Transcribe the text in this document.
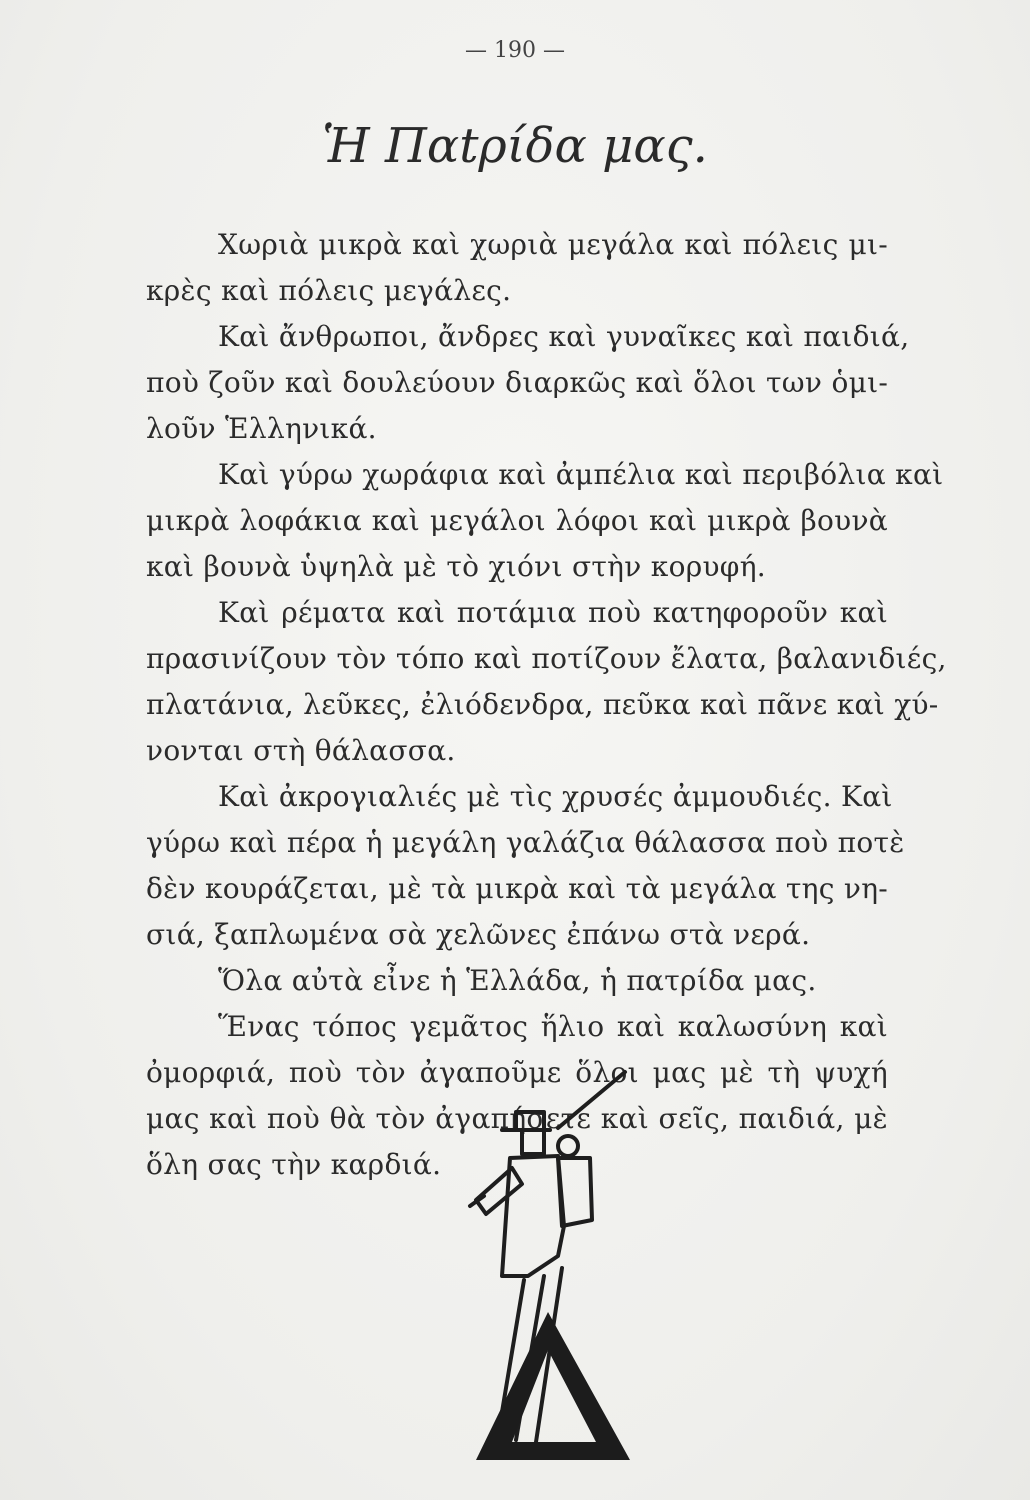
— 190 —
Ἡ Παtρίδα μας.
Χωριὰ μικρὰ καὶ χωριὰ μεγάλα καὶ πόλεις μι-
κρὲς καὶ πόλεις μεγάλες.
Καὶ ἄνθρωποι, ἄνδρες καὶ γυναῖκες καὶ παιδιά,
ποὺ ζοῦν καὶ δουλεύουν διαρκῶς καὶ ὅλοι των ὁμι-
λοῦν Ἑλληνικά.
Καὶ γύρω χωράφια καὶ ἀμπέλια καὶ περιβόλια καὶ
μικρὰ λοφάκια καὶ μεγάλοι λόφοι καὶ μικρὰ βουνὰ
καὶ βουνὰ ὑψηλὰ μὲ τὸ χιόνι στὴν κορυφή.
Καὶ ρέματα καὶ ποτάμια ποὺ κατηφοροῦν καὶ
πρασινίζουν τὸν τόπο καὶ ποτίζουν ἔλατα, βαλανιδιές,
πλατάνια, λεῦκες, ἐλιόδενδρα, πεῦκα καὶ πᾶνε καὶ χύ-
νονται στὴ θάλασσα.
Καὶ ἀκρογιαλιές μὲ τὶς χρυσές ἀμμουδιές. Καὶ
γύρω καὶ πέρα ἡ μεγάλη γαλάζια θάλασσα ποὺ ποτὲ
δὲν κουράζεται, μὲ τὰ μικρὰ καὶ τὰ μεγάλα της νη-
σιά, ξαπλωμένα σὰ χελῶνες ἐπάνω στὰ νερά.
Ὅλα αὐτὰ εἶνε ἡ Ἑλλάδα, ἡ πατρίδα μας.
Ἕνας τόπος γεμᾶτος ἥλιο καὶ καλωσύνη καὶ
ὀμορφιά, ποὺ τὸν ἀγαποῦμε ὅλοι μας μὲ τὴ ψυχή
μας καὶ ποὺ θὰ τὸν ἀγαπήσετε καὶ σεῖς, παιδιά, μὲ
ὅλη σας τὴν καρδιά.
